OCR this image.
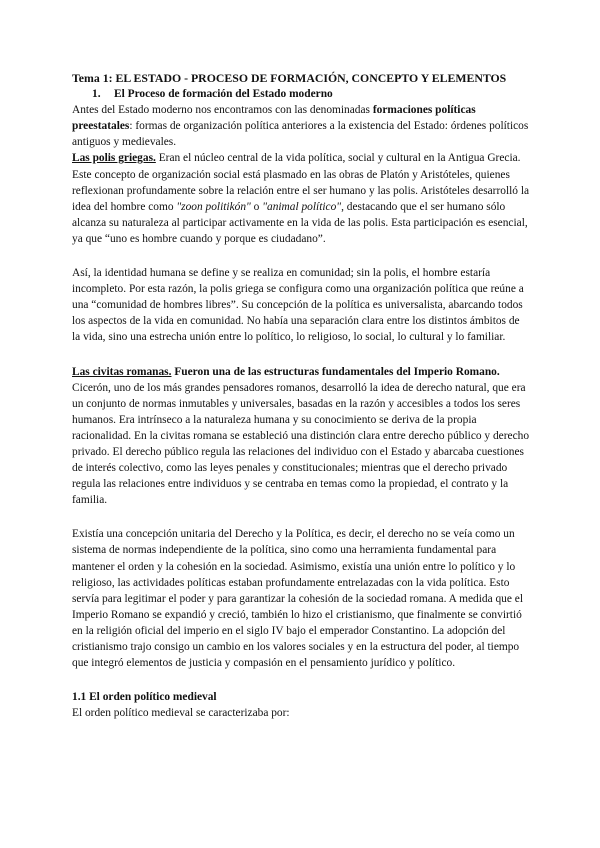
Tema 1: EL ESTADO - PROCESO DE FORMACIÓN, CONCEPTO Y ELEMENTOS
1. El Proceso de formación del Estado moderno

Antes del Estado moderno nos encontramos con las denominadas formaciones políticas preestatales: formas de organización política anteriores a la existencia del Estado: órdenes políticos antiguos y medievales.

Las polis griegas. Eran el núcleo central de la vida política, social y cultural en la Antigua Grecia. Este concepto de organización social está plasmado en las obras de Platón y Aristóteles, quienes reflexionan profundamente sobre la relación entre el ser humano y las polis. Aristóteles desarrolló la idea del hombre como "zoon politikón" o "animal político", destacando que el ser humano sólo alcanza su naturaleza al participar activamente en la vida de las polis. Esta participación es esencial, ya que “uno es hombre cuando y porque es ciudadano”.

Así, la identidad humana se define y se realiza en comunidad; sin la polis, el hombre estaría incompleto. Por esta razón, la polis griega se configura como una organización política que reúne a una “comunidad de hombres libres”. Su concepción de la política es universalista, abarcando todos los aspectos de la vida en comunidad. No había una separación clara entre los distintos ámbitos de la vida, sino una estrecha unión entre lo político, lo religioso, lo social, lo cultural y lo familiar.

Las civitas romanas. Fueron una de las estructuras fundamentales del Imperio Romano. Cicerón, uno de los más grandes pensadores romanos, desarrolló la idea de derecho natural, que era un conjunto de normas inmutables y universales, basadas en la razón y accesibles a todos los seres humanos. Era intrínseco a la naturaleza humana y su conocimiento se deriva de la propia racionalidad. En la civitas romana se estableció una distinción clara entre derecho público y derecho privado. El derecho público regula las relaciones del individuo con el Estado y abarcaba cuestiones de interés colectivo, como las leyes penales y constitucionales; mientras que el derecho privado regula las relaciones entre individuos y se centraba en temas como la propiedad, el contrato y la familia.

Existía una concepción unitaria del Derecho y la Política, es decir, el derecho no se veía como un sistema de normas independiente de la política, sino como una herramienta fundamental para mantener el orden y la cohesión en la sociedad. Asimismo, existía una unión entre lo político y lo religioso, las actividades políticas estaban profundamente entrelazadas con la vida política. Esto servía para legitimar el poder y para garantizar la cohesión de la sociedad romana. A medida que el Imperio Romano se expandió y creció, también lo hizo el cristianismo, que finalmente se convirtió en la religión oficial del imperio en el siglo IV bajo el emperador Constantino. La adopción del cristianismo trajo consigo un cambio en los valores sociales y en la estructura del poder, al tiempo que integró elementos de justicia y compasión en el pensamiento jurídico y político.

1.1 El orden político medieval

El orden político medieval se caracterizaba por:
